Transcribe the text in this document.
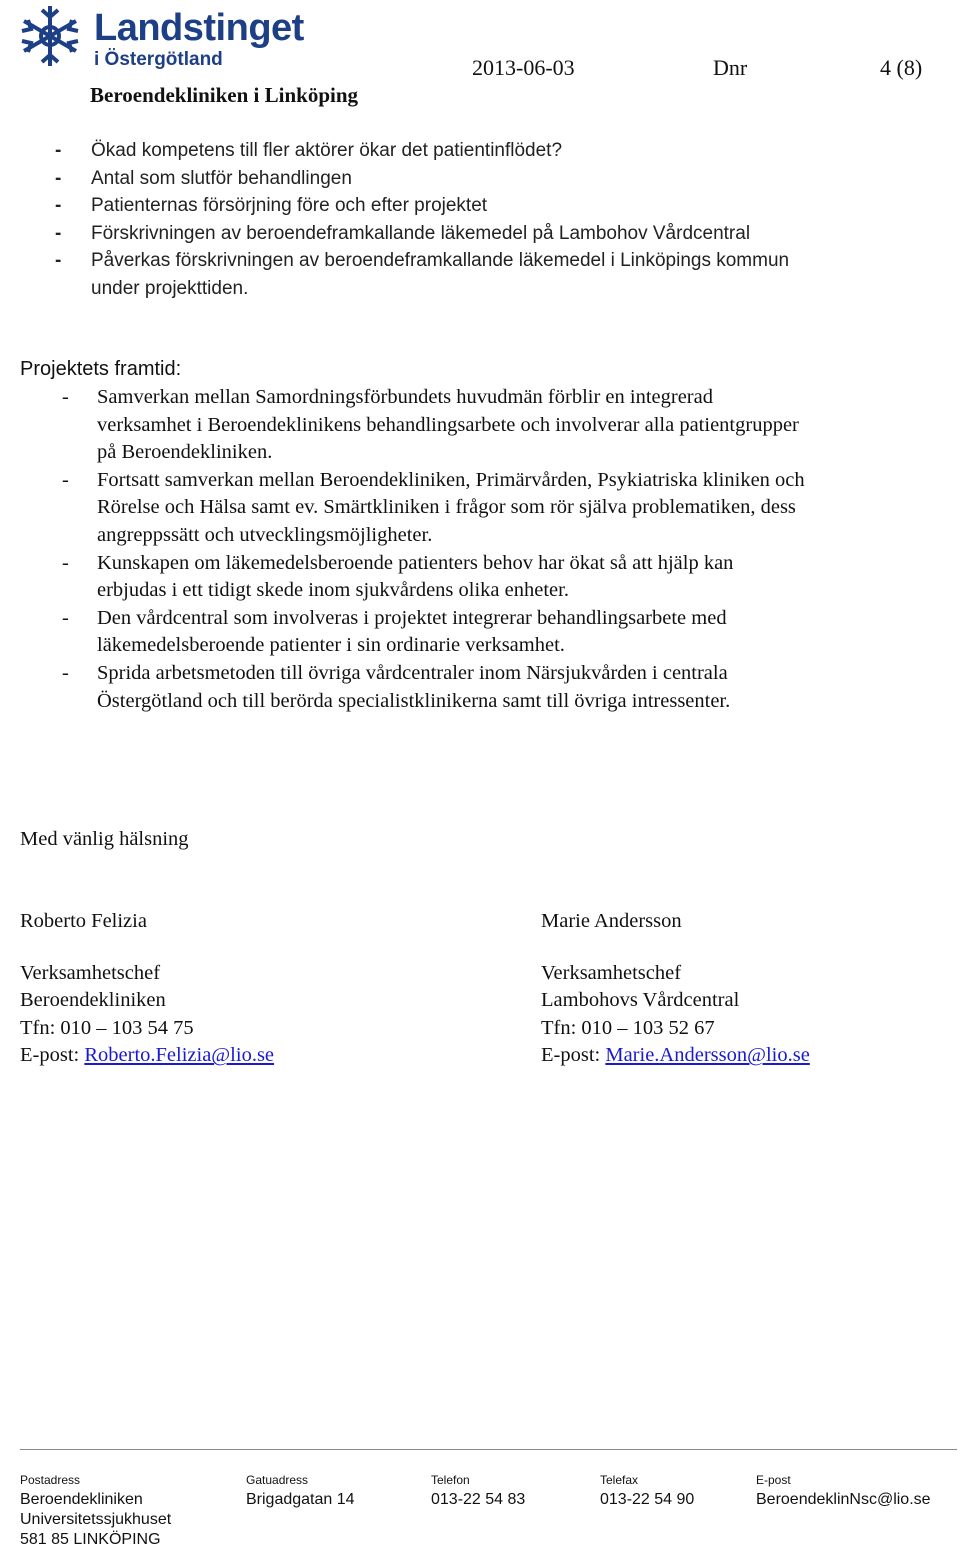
Landstinget
i Östergötland
Beroendekliniken i Linköping
2013-06-03	Dnr	4 (8)
- Ökad kompetens till fler aktörer ökar det patientinflödet?
- Antal som slutför behandlingen
- Patienternas försörjning före och efter projektet
- Förskrivningen av beroendeframkallande läkemedel på Lambohov Vårdcentral
- Påverkas förskrivningen av beroendeframkallande läkemedel i Linköpings kommun
under projekttiden.
Projektets framtid:
- Samverkan mellan Samordningsförbundets huvudmän förblir en integrerad
verksamhet i Beroendeklinikens behandlingsarbete och involverar alla patientgrupper
på Beroendekliniken.
- Fortsatt samverkan mellan Beroendekliniken, Primärvården, Psykiatriska kliniken och
Rörelse och Hälsa samt ev. Smärtkliniken i frågor som rör själva problematiken, dess
angreppssätt och utvecklingsmöjligheter.
- Kunskapen om läkemedelsberoende patienters behov har ökat så att hjälp kan
erbjudas i ett tidigt skede inom sjukvårdens olika enheter.
- Den vårdcentral som involveras i projektet integrerar behandlingsarbete med
läkemedelsberoende patienter i sin ordinarie verksamhet.
- Sprida arbetsmetoden till övriga vårdcentraler inom Närsjukvården i centrala
Östergötland och till berörda specialistklinikerna samt till övriga intressenter.
Med vänlig hälsning
Roberto Felizia
Verksamhetschef
Beroendekliniken
Tfn: 010 – 103 54 75
E-post: Roberto.Felizia@lio.se
Marie Andersson
Verksamhetschef
Lambohovs Vårdcentral
Tfn: 010 – 103 52 67
E-post: Marie.Andersson@lio.se
Postadress
Beroendekliniken
Universitetssjukhuset
581 85 LINKÖPING
Gatuadress
Brigadgatan 14
Telefon
013-22 54 83
Telefax
013-22 54 90
E-post
BeroendeklinNsc@lio.se
